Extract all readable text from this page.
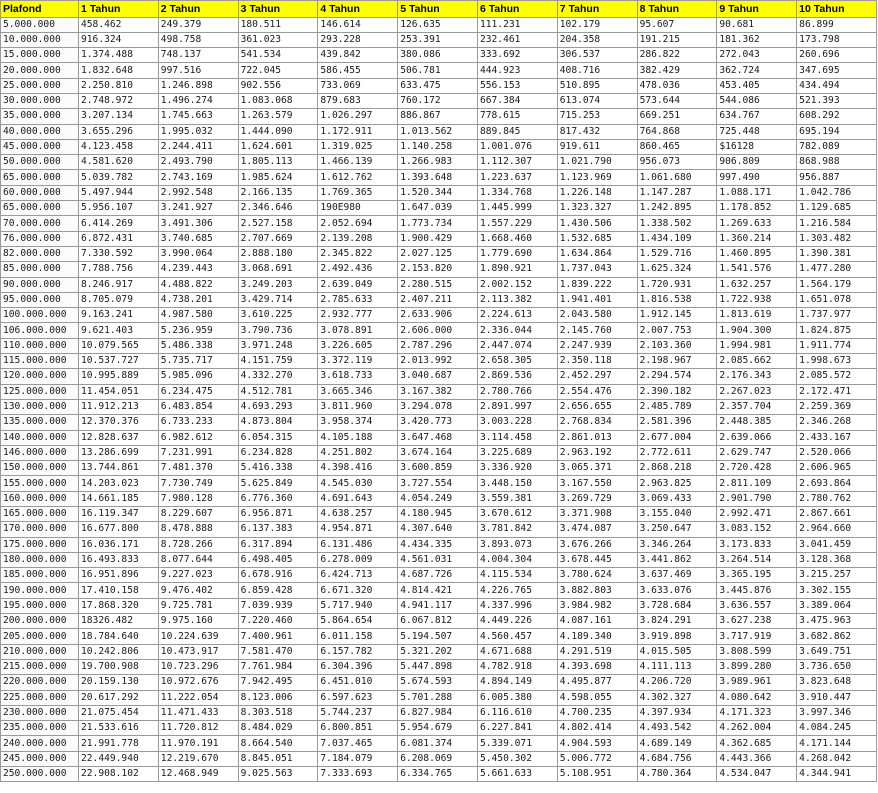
Plafond	1 Tahun	2 Tahun	3 Tahun	4 Tahun	5 Tahun	6 Tahun	7 Tahun	8 Tahun	9 Tahun	10 Tahun
5.000.000	458.462	249.379	180.511	146.614	126.635	111.231	102.179	95.607	90.681	86.899
10.000.000	916.324	498.758	361.023	293.228	253.391	232.461	204.358	191.215	181.362	173.798
15.000.000	1.374.488	748.137	541.534	439.842	380.086	333.692	306.537	286.822	272.043	260.696
20.000.000	1.832.648	997.516	722.045	586.455	506.781	444.923	408.716	382.429	362.724	347.695
25.000.000	2.250.810	1.246.898	902.556	733.069	633.475	556.153	510.895	478.036	453.405	434.494
30.000.000	2.748.972	1.496.274	1.083.068	879.683	760.172	667.384	613.074	573.644	544.086	521.393
35.000.000	3.207.134	1.745.663	1.263.579	1.026.297	886.867	778.615	715.253	669.251	634.767	608.292
40.000.000	3.655.296	1.995.032	1.444.090	1.172.911	1.013.562	889.845	817.432	764.868	725.448	695.194
45.000.000	4.123.458	2.244.411	1.624.601	1.319.025	1.140.258	1.001.076	919.611	860.465	$16128	782.089
50.000.000	4.581.620	2.493.790	1.805.113	1.466.139	1.266.983	1.112.307	1.021.790	956.073	906.809	868.988
65.000.000	5.039.782	2.743.169	1.985.624	1.612.762	1.393.648	1.223.637	1.123.969	1.061.680	997.490	956.887
60.000.000	5.497.944	2.992.548	2.166.135	1.769.365	1.520.344	1.334.768	1.226.148	1.147.287	1.088.171	1.042.786
65.000.000	5.956.107	3.241.927	2.346.646	190E980	1.647.039	1.445.999	1.323.327	1.242.895	1.178.852	1.129.685
70.000.000	6.414.269	3.491.306	2.527.158	2.052.694	1.773.734	1.557.229	1.430.506	1.338.502	1.269.633	1.216.584
76.000.000	6.872.431	3.740.685	2.707.669	2.139.208	1.900.429	1.668.460	1.532.685	1.434.109	1.360.214	1.303.482
82.000.000	7.330.592	3.990.064	2.888.180	2.345.822	2.027.125	1.779.690	1.634.864	1.529.716	1.460.895	1.390.381
85.000.000	7.788.756	4.239.443	3.068.691	2.492.436	2.153.820	1.890.921	1.737.043	1.625.324	1.541.576	1.477.280
90.000.000	8.246.917	4.488.822	3.249.203	2.639.049	2.280.515	2.002.152	1.839.222	1.720.931	1.632.257	1.564.179
95.000.000	8.705.079	4.738.201	3.429.714	2.785.633	2.407.211	2.113.382	1.941.401	1.816.538	1.722.938	1.651.078
100.000.000	9.163.241	4.987.580	3.610.225	2.932.777	2.633.906	2.224.613	2.043.580	1.912.145	1.813.619	1.737.977
106.000.000	9.621.403	5.236.959	3.790.736	3.078.891	2.606.000	2.336.044	2.145.760	2.007.753	1.904.300	1.824.875
110.000.000	10.079.565	5.486.338	3.971.248	3.226.605	2.787.296	2.447.074	2.247.939	2.103.360	1.994.981	1.911.774
115.000.000	10.537.727	5.735.717	4.151.759	3.372.119	2.013.992	2.658.305	2.350.118	2.198.967	2.085.662	1.998.673
120.000.000	10.995.889	5.985.096	4.332.270	3.618.733	3.040.687	2.869.536	2.452.297	2.294.574	2.176.343	2.085.572
125.000.000	11.454.051	6.234.475	4.512.781	3.665.346	3.167.382	2.780.766	2.554.476	2.390.182	2.267.023	2.172.471
130.000.000	11.912.213	6.483.854	4.693.293	3.811.960	3.294.078	2.891.997	2.656.655	2.485.789	2.357.704	2.259.369
135.000.000	12.370.376	6.733.233	4.873.804	3.958.374	3.420.773	3.003.228	2.768.834	2.581.396	2.448.385	2.346.268
140.000.000	12.828.637	6.982.612	6.054.315	4.105.188	3.647.468	3.114.458	2.861.013	2.677.004	2.639.066	2.433.167
146.000.000	13.286.699	7.231.991	6.234.828	4.251.802	3.674.164	3.225.689	2.963.192	2.772.611	2.629.747	2.520.066
150.000.000	13.744.861	7.481.370	5.416.338	4.398.416	3.600.859	3.336.920	3.065.371	2.868.218	2.720.428	2.606.965
155.000.000	14.203.023	7.730.749	5.625.849	4.545.030	3.727.554	3.448.150	3.167.550	2.963.825	2.811.109	2.693.864
160.000.000	14.661.185	7.980.128	6.776.360	4.691.643	4.054.249	3.559.381	3.269.729	3.069.433	2.901.790	2.780.762
165.000.000	16.119.347	8.229.607	6.956.871	4.638.257	4.180.945	3.670.612	3.371.908	3.155.040	2.992.471	2.867.661
170.000.000	16.677.800	8.478.888	6.137.383	4.954.871	4.307.640	3.781.842	3.474.087	3.250.647	3.083.152	2.964.660
175.000.000	16.036.171	8.728.266	6.317.894	6.131.486	4.434.335	3.893.073	3.676.266	3.346.264	3.173.833	3.041.459
180.000.000	16.493.833	8.077.644	6.498.405	6.278.009	4.561.031	4.004.304	3.678.445	3.441.862	3.264.514	3.128.368
185.000.000	16.951.896	9.227.023	6.678.916	6.424.713	4.687.726	4.115.534	3.780.624	3.637.469	3.365.195	3.215.257
190.000.000	17.410.158	9.476.402	6.859.428	6.671.320	4.814.421	4.226.765	3.882.803	3.633.076	3.445.876	3.302.155
195.000.000	17.868.320	9.725.781	7.039.939	5.717.940	4.941.117	4.337.996	3.984.982	3.728.684	3.636.557	3.389.064
200.000.000	18326.482	9.975.160	7.220.460	5.864.654	6.067.812	4.449.226	4.087.161	3.824.291	3.627.238	3.475.963
205.000.000	18.784.640	10.224.639	7.400.961	6.011.158	5.194.507	4.560.457	4.189.340	3.919.898	3.717.919	3.682.862
210.000.000	10.242.806	10.473.917	7.581.470	6.157.782	5.321.202	4.671.688	4.291.519	4.015.505	3.808.599	3.649.751
215.000.000	19.700.908	10.723.296	7.761.984	6.304.396	5.447.898	4.782.918	4.393.698	4.111.113	3.899.280	3.736.650
220.000.000	20.159.130	10.972.676	7.942.495	6.451.010	5.674.593	4.894.149	4.495.877	4.206.720	3.989.961	3.823.648
225.000.000	20.617.292	11.222.054	8.123.006	6.597.623	5.701.288	6.005.380	4.598.055	4.302.327	4.080.642	3.910.447
230.000.000	21.075.454	11.471.433	8.303.518	5.744.237	6.827.984	6.116.610	4.700.235	4.397.934	4.171.323	3.997.346
235.000.000	21.533.616	11.720.812	8.484.029	6.800.851	5.954.679	6.227.841	4.802.414	4.493.542	4.262.004	4.084.245
240.000.000	21.991.778	11.970.191	8.664.540	7.037.465	6.081.374	5.339.071	4.904.593	4.689.149	4.362.685	4.171.144
245.000.000	22.449.940	12.219.670	8.845.051	7.184.079	6.208.069	5.450.302	5.006.772	4.684.756	4.443.366	4.268.042
250.000.000	22.908.102	12.468.949	9.025.563	7.333.693	6.334.765	5.661.633	5.108.951	4.780.364	4.534.047	4.344.941
